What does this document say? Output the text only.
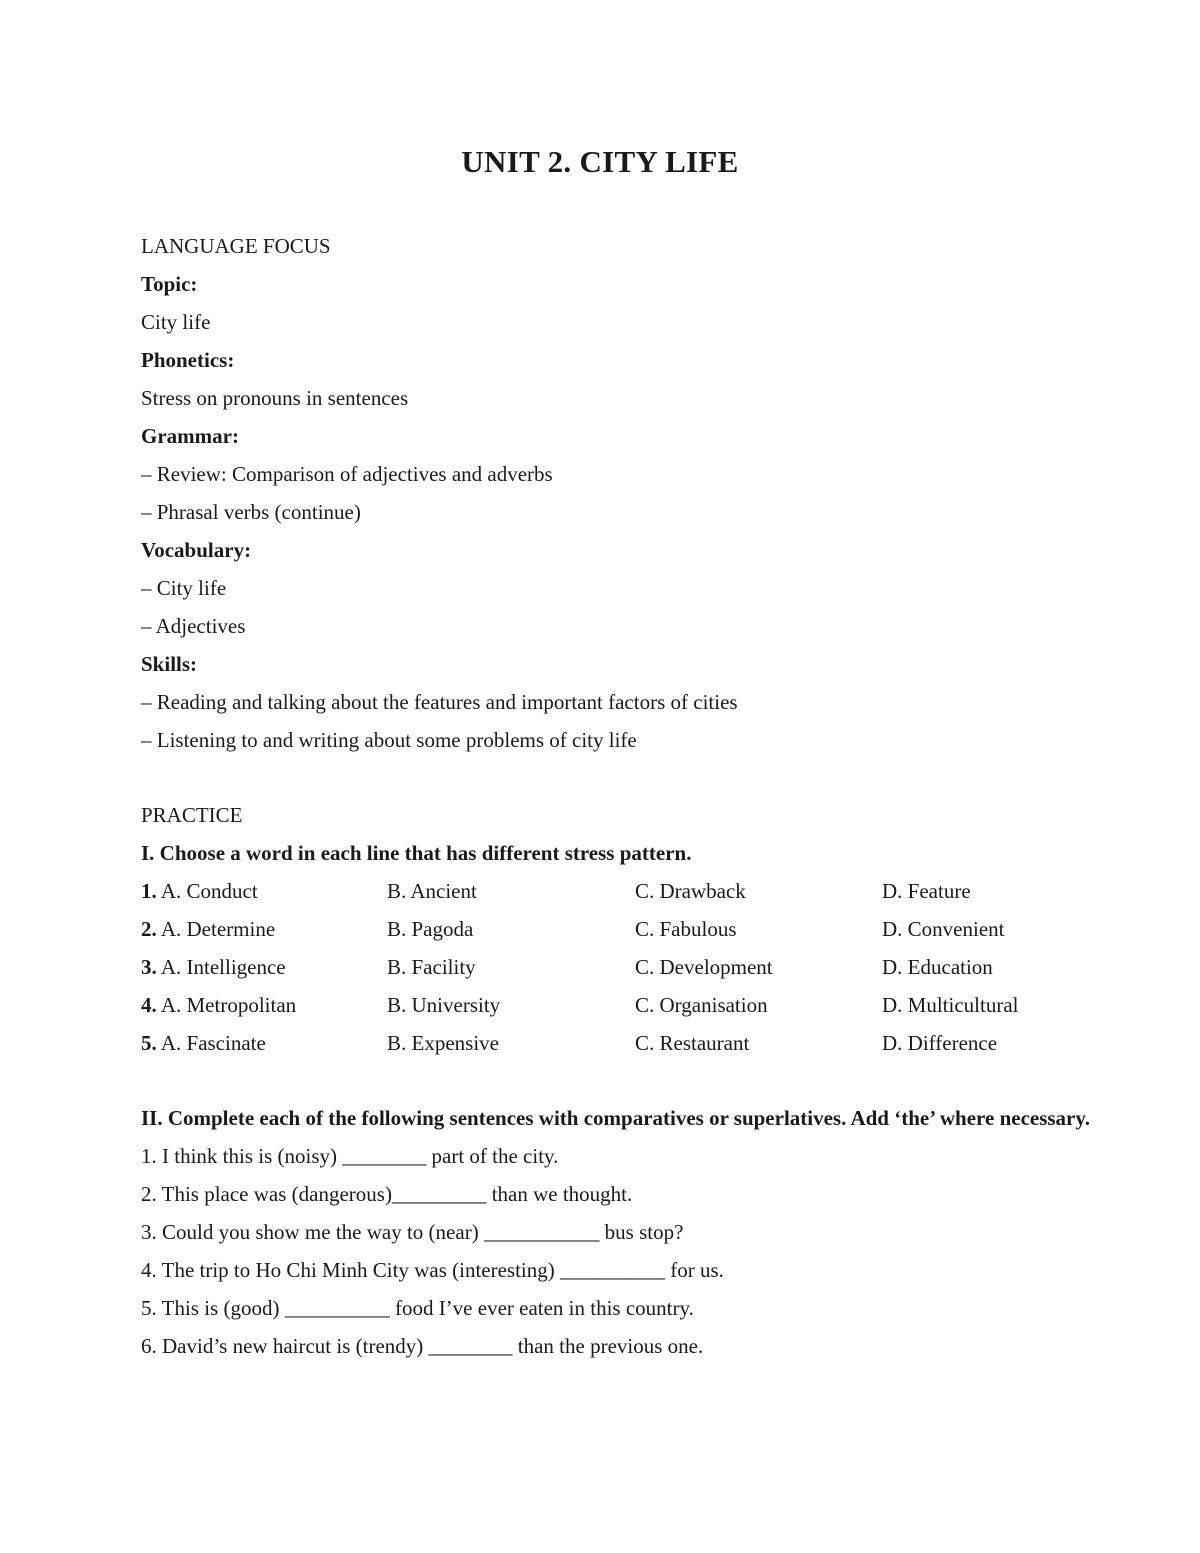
UNIT 2. CITY LIFE
LANGUAGE FOCUS
Topic:
City life
Phonetics:
Stress on pronouns in sentences
Grammar:
– Review: Comparison of adjectives and adverbs
– Phrasal verbs (continue)
Vocabulary:
– City life
– Adjectives
Skills:
– Reading and talking about the features and important factors of cities
– Listening to and writing about some problems of city life
PRACTICE
I. Choose a word in each line that has different stress pattern.
1. A. Conduct	B. Ancient	C. Drawback	D. Feature
2. A. Determine	B. Pagoda	C. Fabulous	D. Convenient
3. A. Intelligence	B. Facility	C. Development	D. Education
4. A. Metropolitan	B. University	C. Organisation	D. Multicultural
5. A. Fascinate	B. Expensive	C. Restaurant	D. Difference
II. Complete each of the following sentences with comparatives or superlatives. Add ‘the’ where necessary.
1. I think this is (noisy) ________ part of the city.
2. This place was (dangerous)_________ than we thought.
3. Could you show me the way to (near) ___________ bus stop?
4. The trip to Ho Chi Minh City was (interesting) __________ for us.
5. This is (good) __________ food I’ve ever eaten in this country.
6. David’s new haircut is (trendy) ________ than the previous one.
